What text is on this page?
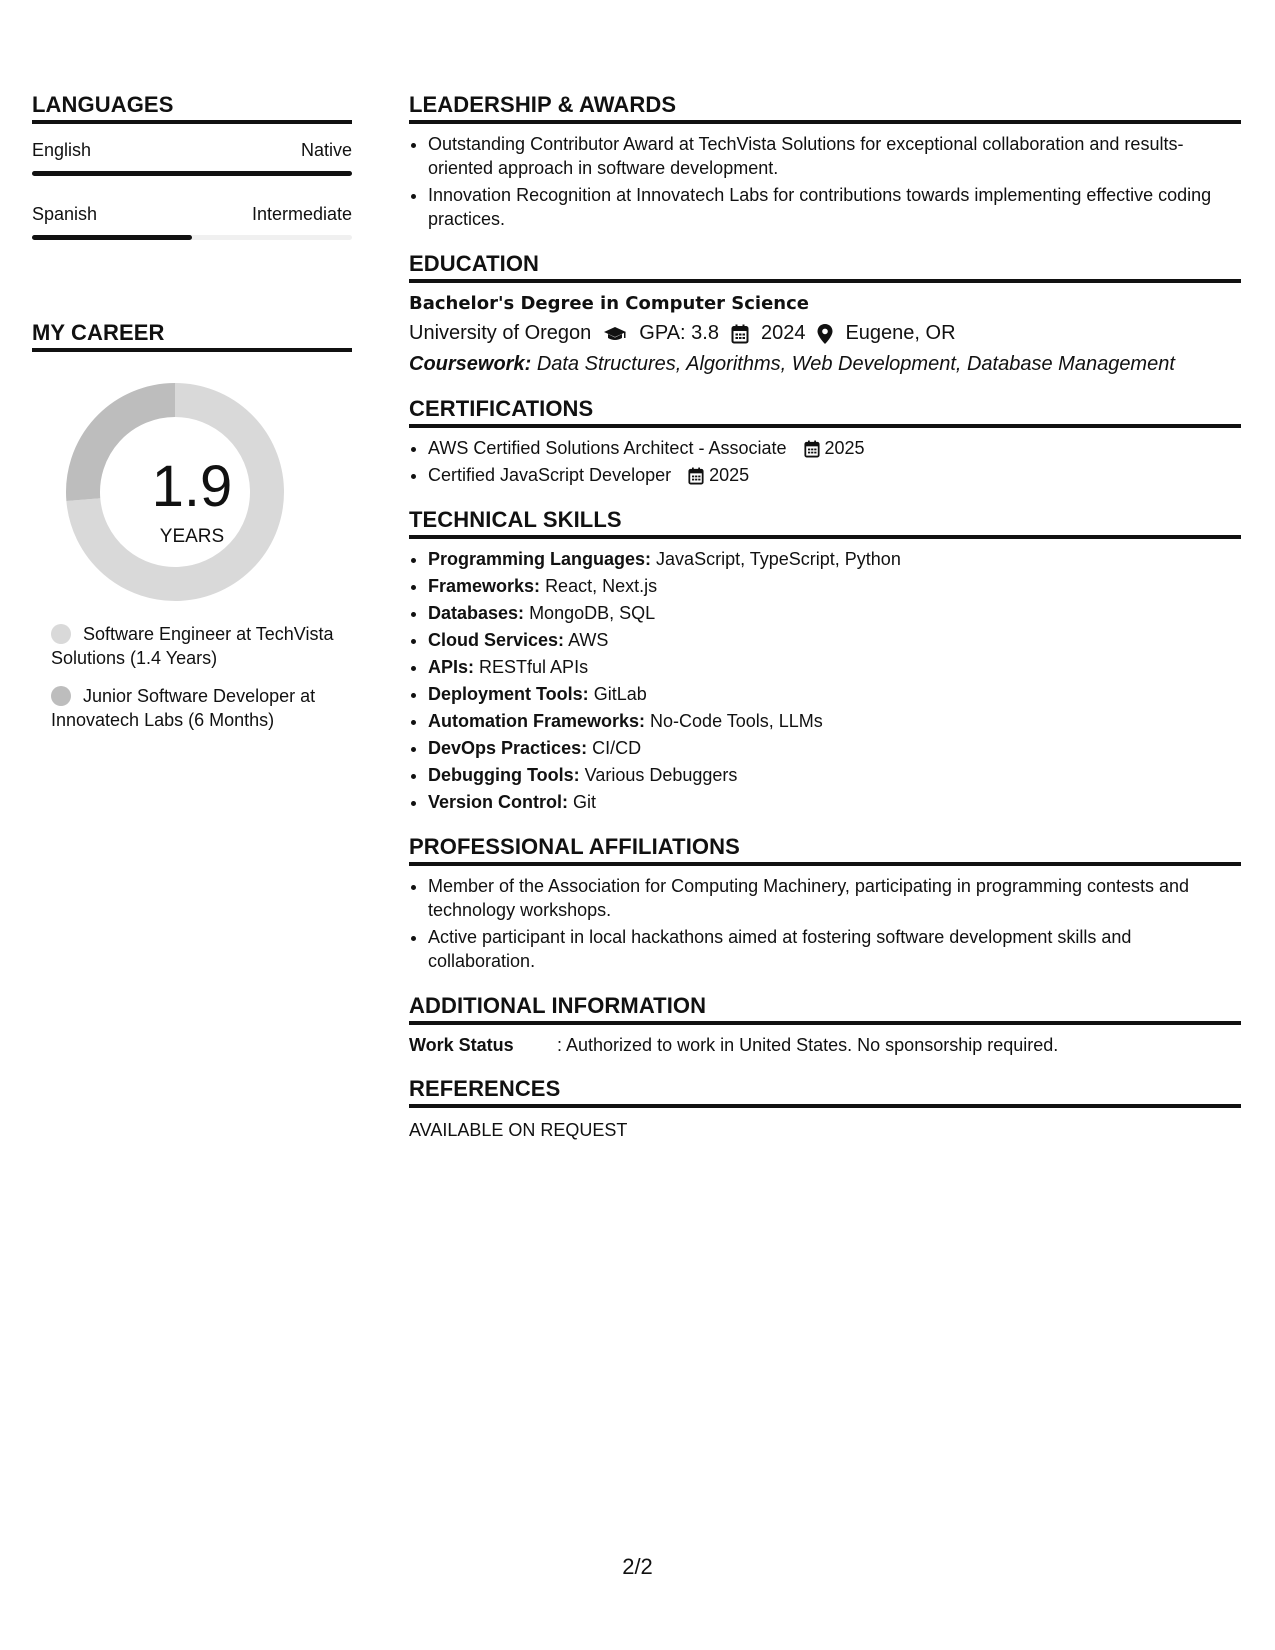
LANGUAGES
English	Native
Spanish	Intermediate
MY CAREER
1.9
YEARS
Software Engineer at TechVista Solutions (1.4 Years)
Junior Software Developer at Innovatech Labs (6 Months)
LEADERSHIP & AWARDS
• Outstanding Contributor Award at TechVista Solutions for exceptional collaboration and results-oriented approach in software development.
• Innovation Recognition at Innovatech Labs for contributions towards implementing effective coding practices.
EDUCATION
Bachelor's Degree in Computer Science
University of Oregon GPA: 3.8 2024 Eugene, OR
Coursework: Data Structures, Algorithms, Web Development, Database Management
CERTIFICATIONS
• AWS Certified Solutions Architect - Associate 2025
• Certified JavaScript Developer 2025
TECHNICAL SKILLS
• Programming Languages: JavaScript, TypeScript, Python
• Frameworks: React, Next.js
• Databases: MongoDB, SQL
• Cloud Services: AWS
• APIs: RESTful APIs
• Deployment Tools: GitLab
• Automation Frameworks: No-Code Tools, LLMs
• DevOps Practices: CI/CD
• Debugging Tools: Various Debuggers
• Version Control: Git
PROFESSIONAL AFFILIATIONS
• Member of the Association for Computing Machinery, participating in programming contests and technology workshops.
• Active participant in local hackathons aimed at fostering software development skills and collaboration.
ADDITIONAL INFORMATION
Work Status	: Authorized to work in United States. No sponsorship required.
REFERENCES
AVAILABLE ON REQUEST
2/2
